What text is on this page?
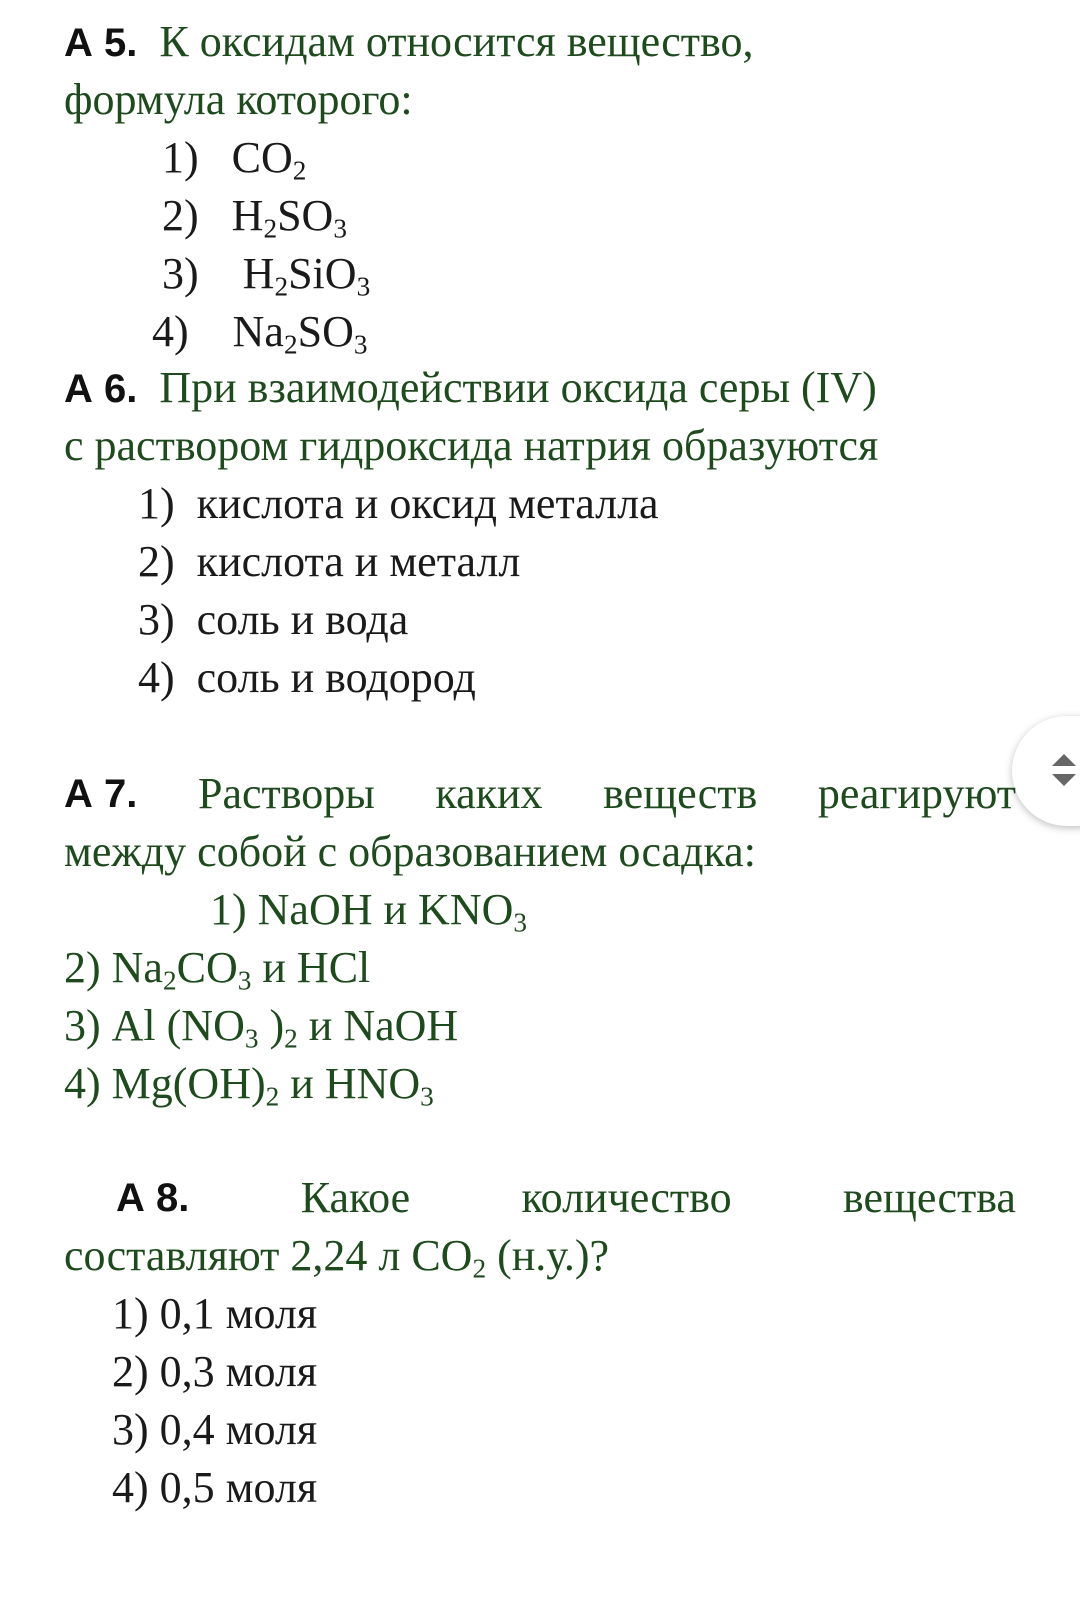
А 5. К оксидам относится вещество,
формула которого:
1) $CO_2$
2) $H_2SO_3$
3) $H_2SiO_3$
4) $Na_2SO_3$
А 6. При взаимодействии оксида серы (IV)
с раствором гидроксида натрия образуются
1) кислота и оксид металла
2) кислота и металл
3) соль и вода
4) соль и водород
А 7. Растворы каких веществ реагируют
между собой с образованием осадка:
1) NaOH и $KNO_3$
2) $Na_2CO_3$ и HCl
3) Al ($NO_3$ )$_2$ и NaOH
4) $Mg(OH)_2$ и $HNO_3$
А 8.	Какое	количество	вещества
составляют 2,24 л $CO_2$ (н.у.)?
1) 0,1 моля
2) 0,3 моля
3) 0,4 моля
4) 0,5 моля
